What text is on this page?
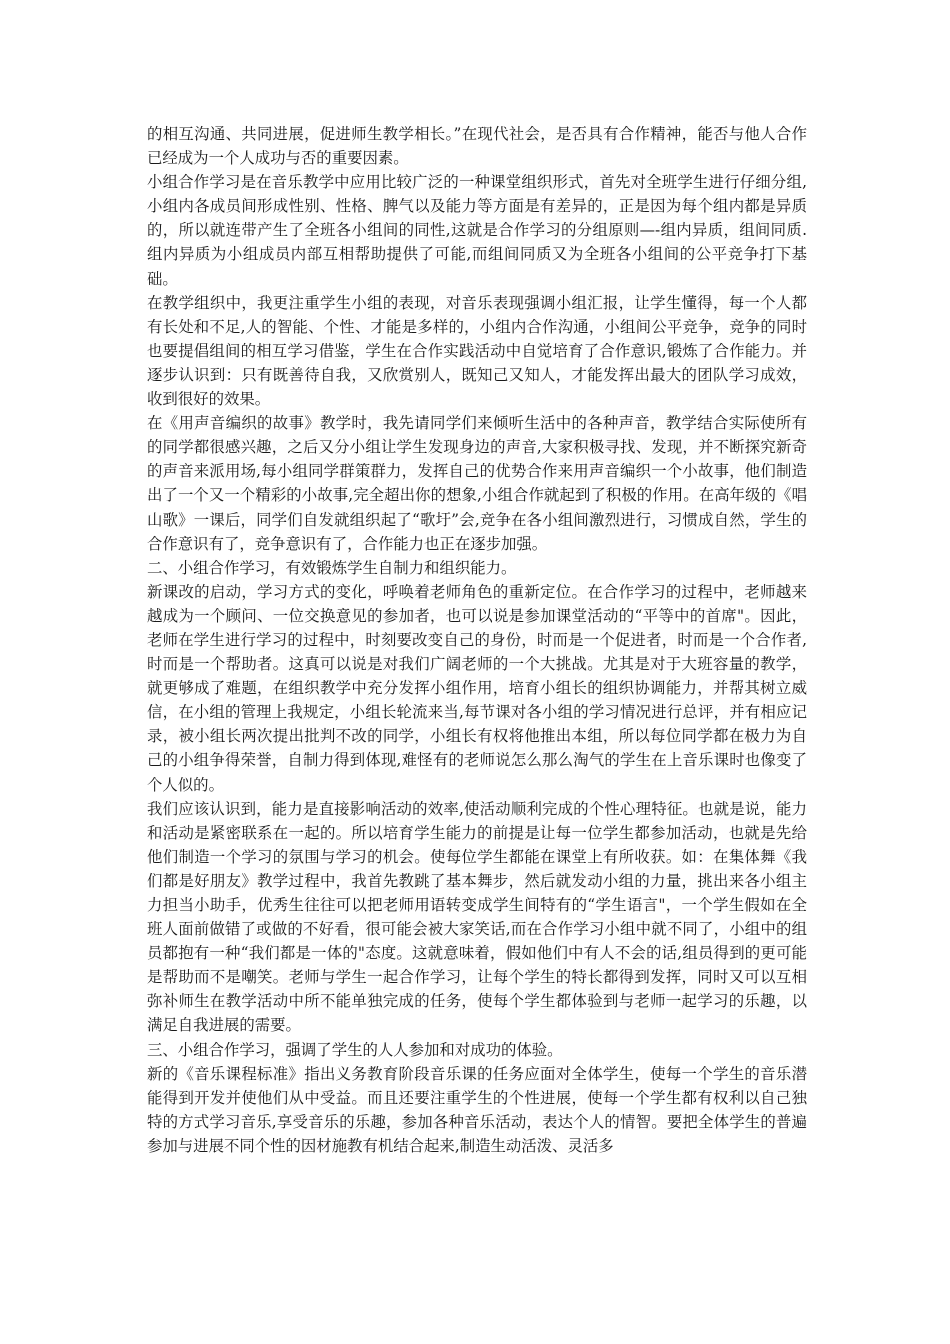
的相互沟通、共同进展，促进师生教学相长。”在现代社会，是否具有合作精神，能否与他人合作已经成为一个人成功与否的重要因素。

小组合作学习是在音乐教学中应用比较广泛的一种课堂组织形式，首先对全班学生进行仔细分组,小组内各成员间形成性别、性格、脾气以及能力等方面是有差异的，正是因为每个组内都是异质的，所以就连带产生了全班各小组间的同性,这就是合作学习的分组原则—-组内异质，组间同质.组内异质为小组成员内部互相帮助提供了可能,而组间同质又为全班各小组间的公平竞争打下基础。

在教学组织中，我更注重学生小组的表现，对音乐表现强调小组汇报，让学生懂得，每一个人都有长处和不足,人的智能、个性、才能是多样的，小组内合作沟通，小组间公平竞争，竞争的同时也要提倡组间的相互学习借鉴，学生在合作实践活动中自觉培育了合作意识,锻炼了合作能力。并逐步认识到：只有既善待自我，又欣赏别人，既知己又知人，才能发挥出最大的团队学习成效，收到很好的效果。

在《用声音编织的故事》教学时，我先请同学们来倾听生活中的各种声音，教学结合实际使所有的同学都很感兴趣，之后又分小组让学生发现身边的声音,大家积极寻找、发现，并不断探究新奇的声音来派用场,每小组同学群策群力，发挥自己的优势合作来用声音编织一个小故事，他们制造出了一个又一个精彩的小故事,完全超出你的想象,小组合作就起到了积极的作用。在高年级的《唱山歌》一课后，同学们自发就组织起了“歌圩”会,竞争在各小组间激烈进行，习惯成自然，学生的合作意识有了，竞争意识有了，合作能力也正在逐步加强。

二、小组合作学习，有效锻炼学生自制力和组织能力。

新课改的启动，学习方式的变化，呼唤着老师角色的重新定位。在合作学习的过程中，老师越来越成为一个顾问、一位交换意见的参加者，也可以说是参加课堂活动的“平等中的首席"。因此，老师在学生进行学习的过程中，时刻要改变自己的身份，时而是一个促进者，时而是一个合作者,时而是一个帮助者。这真可以说是对我们广阔老师的一个大挑战。尤其是对于大班容量的教学，就更够成了难题，在组织教学中充分发挥小组作用，培育小组长的组织协调能力，并帮其树立威信，在小组的管理上我规定，小组长轮流来当,每节课对各小组的学习情况进行总评，并有相应记录，被小组长两次提出批判不改的同学，小组长有权将他推出本组，所以每位同学都在极力为自己的小组争得荣誉，自制力得到体现,难怪有的老师说怎么那么淘气的学生在上音乐课时也像变了个人似的。

我们应该认识到，能力是直接影响活动的效率,使活动顺利完成的个性心理特征。也就是说，能力和活动是紧密联系在一起的。所以培育学生能力的前提是让每一位学生都参加活动，也就是先给他们制造一个学习的氛围与学习的机会。使每位学生都能在课堂上有所收获。如：在集体舞《我们都是好朋友》教学过程中，我首先教跳了基本舞步，然后就发动小组的力量，挑出来各小组主力担当小助手，优秀生往往可以把老师用语转变成学生间特有的“学生语言"，一个学生假如在全班人面前做错了或做的不好看，很可能会被大家笑话,而在合作学习小组中就不同了，小组中的组员都抱有一种“我们都是一体的"态度。这就意味着，假如他们中有人不会的话,组员得到的更可能是帮助而不是嘲笑。老师与学生一起合作学习，让每个学生的特长都得到发挥，同时又可以互相弥补师生在教学活动中所不能单独完成的任务，使每个学生都体验到与老师一起学习的乐趣，以满足自我进展的需要。

三、小组合作学习，强调了学生的人人参加和对成功的体验。

新的《音乐课程标准》指出义务教育阶段音乐课的任务应面对全体学生，使每一个学生的音乐潜能得到开发并使他们从中受益。而且还要注重学生的个性进展，使每一个学生都有权利以自己独特的方式学习音乐,享受音乐的乐趣，参加各种音乐活动，表达个人的情智。要把全体学生的普遍参加与进展不同个性的因材施教有机结合起来,制造生动活泼、灵活多
